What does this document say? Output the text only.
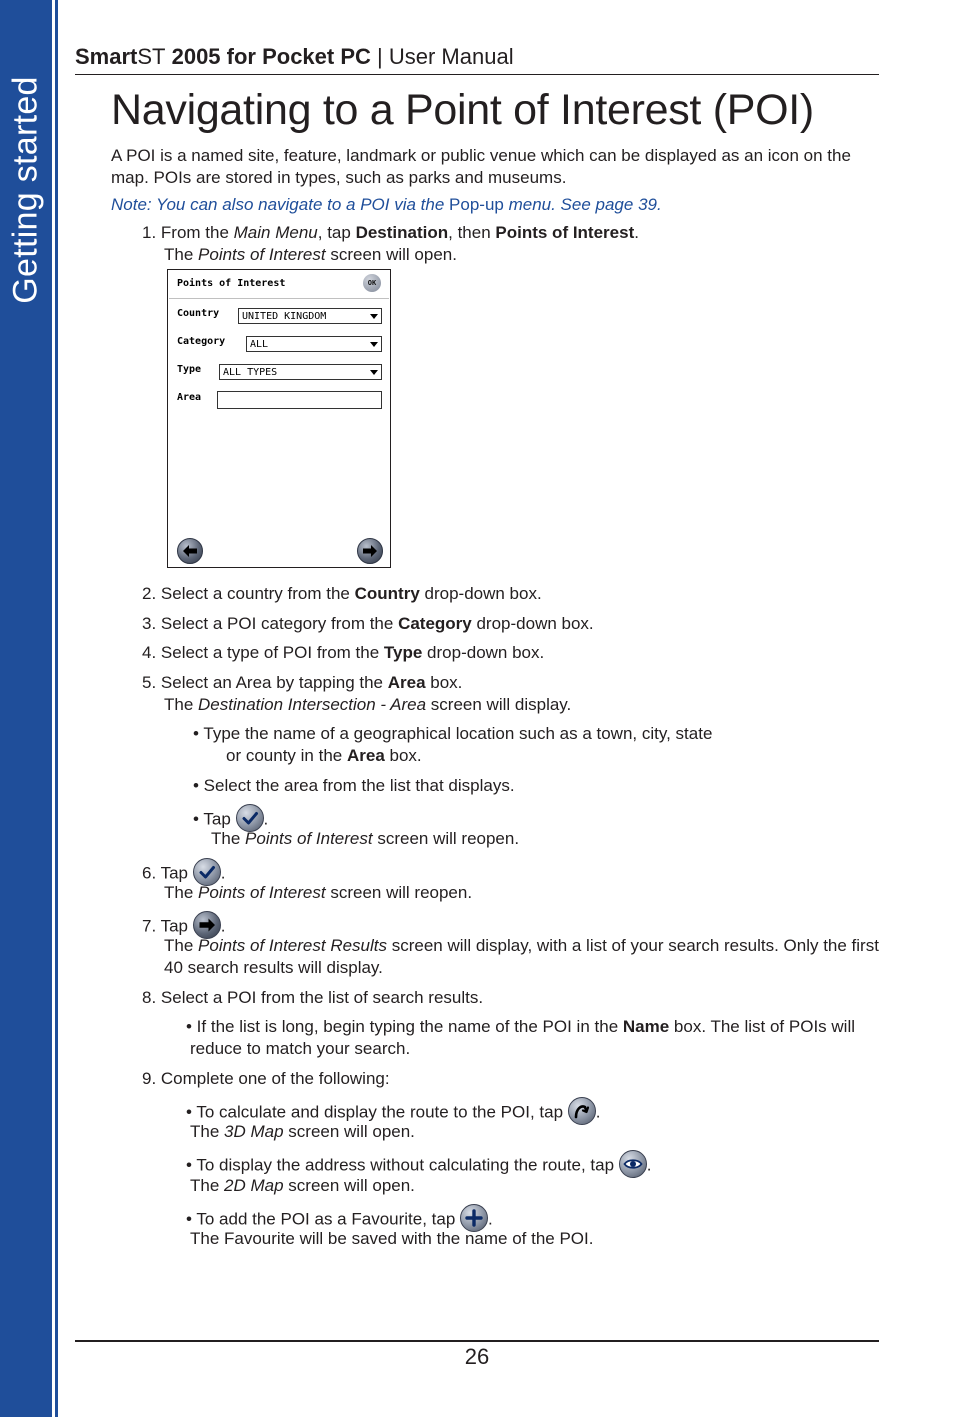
Getting started
SmartST 2005 for Pocket PC | User Manual
Navigating to a Point of Interest (POI)

A POI is a named site, feature, landmark or public venue which can be displayed as an icon on the map. POIs are stored in types, such as parks and museums.

Note: You can also navigate to a POI via the Pop-up menu. See page 39.

1. From the Main Menu, tap Destination, then Points of Interest.

The Points of Interest screen will open.

Points of Interest	OK
Country	UNITED KINGDOM
Category	ALL
Type	ALL TYPES
Area

2. Select a country from the Country drop-down box.

3. Select a POI category from the Category drop-down box.

4. Select a type of POI from the Type drop-down box.

5. Select an Area by tapping the Area box.

The Destination Intersection - Area screen will display.

• Type the name of a geographical location such as a town, city, state

or county in the Area box.

• Select the area from the list that displays.

• Tap
.

The Points of Interest screen will reopen.

6. Tap
.

The Points of Interest screen will reopen.

7. Tap
.

The Points of Interest Results screen will display, with a list of your search results. Only the first

40 search results will display.

8. Select a POI from the list of search results.

• If the list is long, begin typing the name of the POI in the Name box. The list of POIs will

reduce to match your search.

9. Complete one of the following:

• To calculate and display the route to the POI, tap
.

The 3D Map screen will open.

• To display the address without calculating the route, tap
.

The 2D Map screen will open.

• To add the POI as a Favourite, tap
.

The Favourite will be saved with the name of the POI.

26
